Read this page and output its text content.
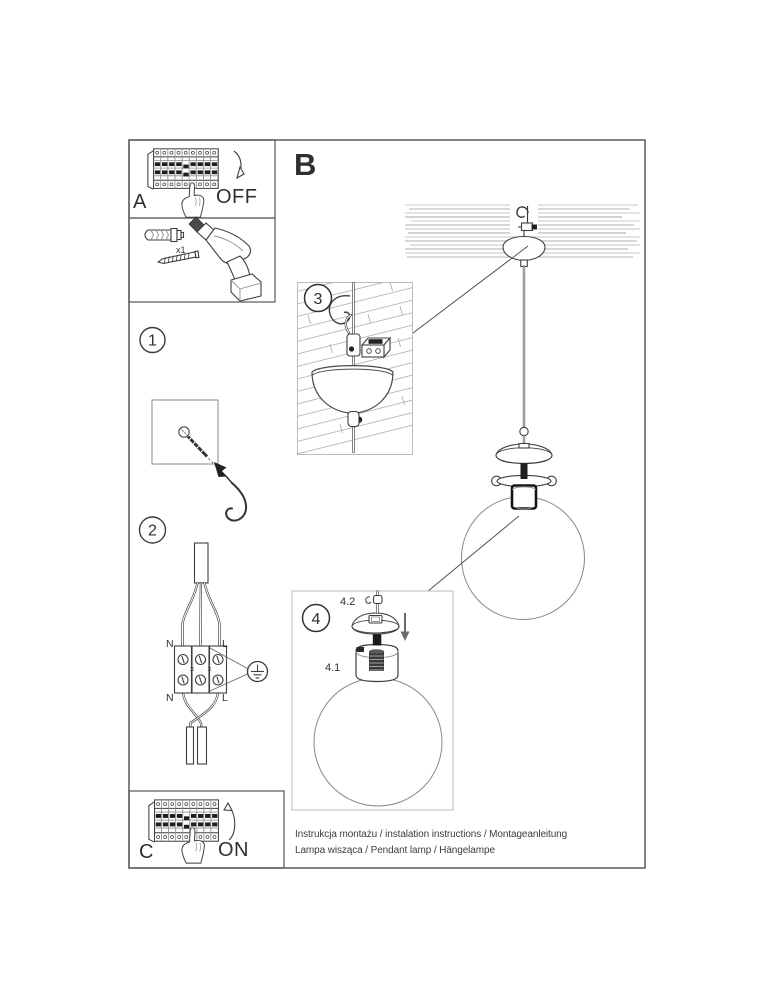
A	OFF
x1
1
2
N	L
N	L
C	ON
B
3
4
4.2
4.1
Instrukcja montażu / instalation instructions / Montageanleitung
Lampa wisząca / Pendant lamp / Hängelampe
